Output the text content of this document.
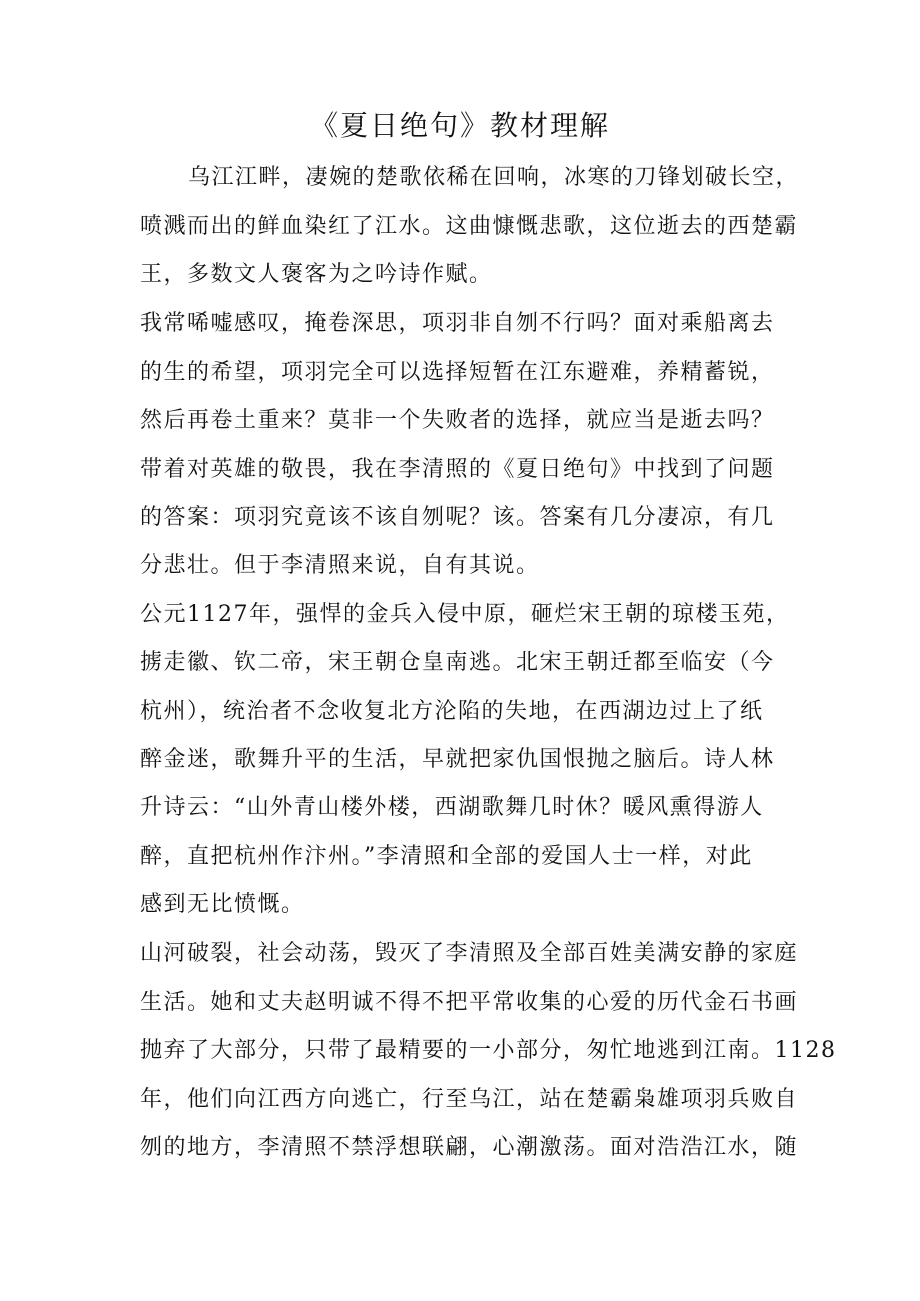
《夏日绝句》教材理解
乌江江畔，凄婉的楚歌依稀在回响，冰寒的刀锋划破长空，
喷溅而出的鲜血染红了江水。这曲慷慨悲歌，这位逝去的西楚霸
王，多数文人褒客为之吟诗作赋。
我常唏嘘感叹，掩卷深思，项羽非自刎不行吗？面对乘船离去
的生的希望，项羽完全可以选择短暂在江东避难，养精蓄锐，
然后再卷土重来？莫非一个失败者的选择，就应当是逝去吗？
带着对英雄的敬畏，我在李清照的《夏日绝句》中找到了问题
的答案：项羽究竟该不该自刎呢？该。答案有几分凄凉，有几
分悲壮。但于李清照来说，自有其说。
公元1127年，强悍的金兵入侵中原，砸烂宋王朝的琼楼玉苑，
掳走徽、钦二帝，宋王朝仓皇南逃。北宋王朝迁都至临安（今
杭州），统治者不念收复北方沦陷的失地，在西湖边过上了纸
醉金迷，歌舞升平的生活，早就把家仇国恨抛之脑后。诗人林
升诗云：“山外青山楼外楼，西湖歌舞几时休？暖风熏得游人
醉，直把杭州作汴州。”李清照和全部的爱国人士一样，对此
感到无比愤慨。
山河破裂，社会动荡，毁灭了李清照及全部百姓美满安静的家庭
生活。她和丈夫赵明诚不得不把平常收集的心爱的历代金石书画
抛弃了大部分，只带了最精要的一小部分，匆忙地逃到江南。1128
年，他们向江西方向逃亡，行至乌江，站在楚霸枭雄项羽兵败自
刎的地方，李清照不禁浮想联翩，心潮激荡。面对浩浩江水，随
